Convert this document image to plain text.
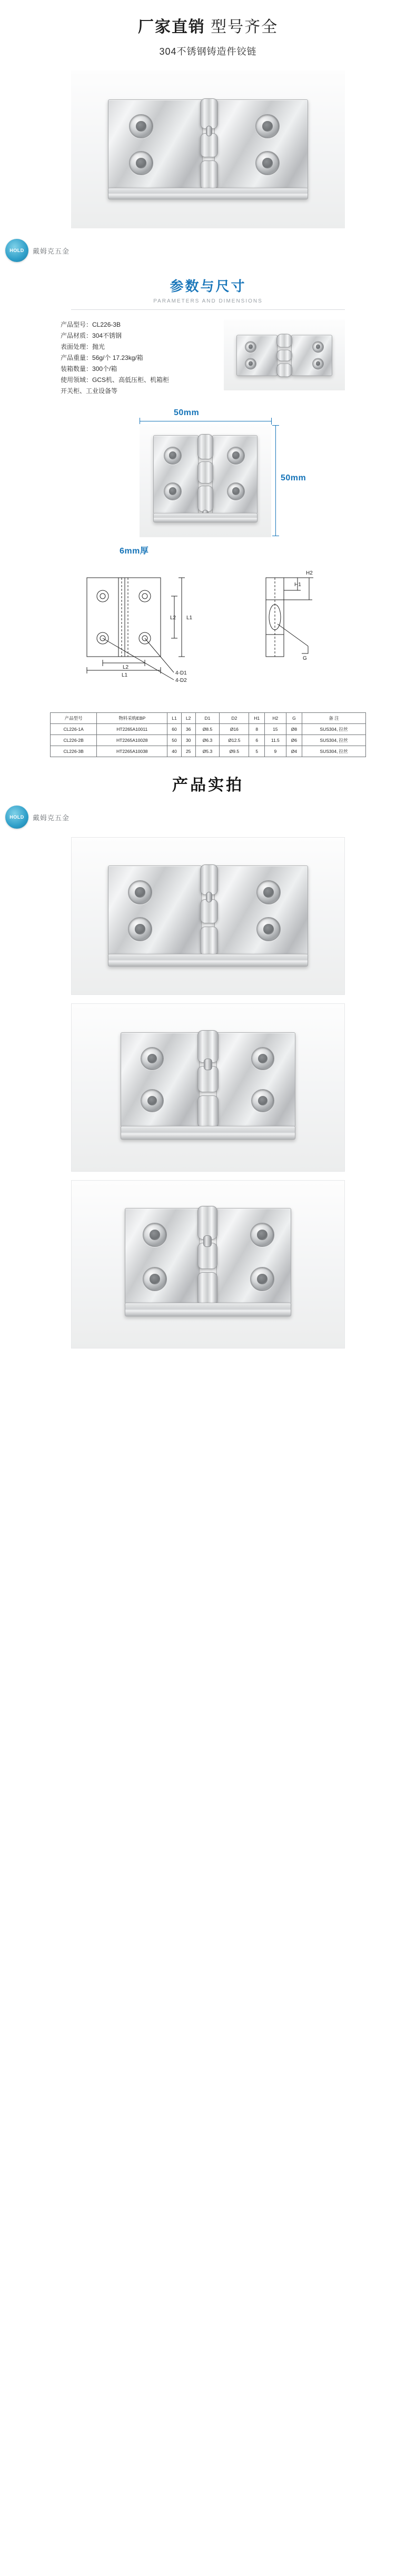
厂家直销 型号齐全
304不锈钢铸造件铰链
HOLD	戴姆克五金
参数与尺寸
PARAMETERS AND DIMENSIONS
产品型号：CL226-3B
产品材质：304不锈钢
表面处理：抛光
产品重量：56g/个 17.23kg/箱
装箱数量：300个/箱
使用领域：GCS机、高低压柜、机箱柜
开关柜、工业设备等
50mm
50mm
6mm厚
L2
L1
L2 L1
4-D1
4-D2
H2
H1
G
产品型号	物料采购EBP	L1	L2	D1	D2	H1	H2	G	备 注
CL226-1A	HT2265A10011	60	36	Ø8.5	Ø16	8	15	Ø8	SUS304, 拉丝
CL226-2B	HT2265A10028	50	30	Ø6.3	Ø12.5	6	11.5	Ø6	SUS304, 拉丝
CL226-3B	HT2265A10038	40	25	Ø5.3	Ø9.5	5	9	Ø4	SUS304, 拉丝
产品实拍
HOLD	戴姆克五金
